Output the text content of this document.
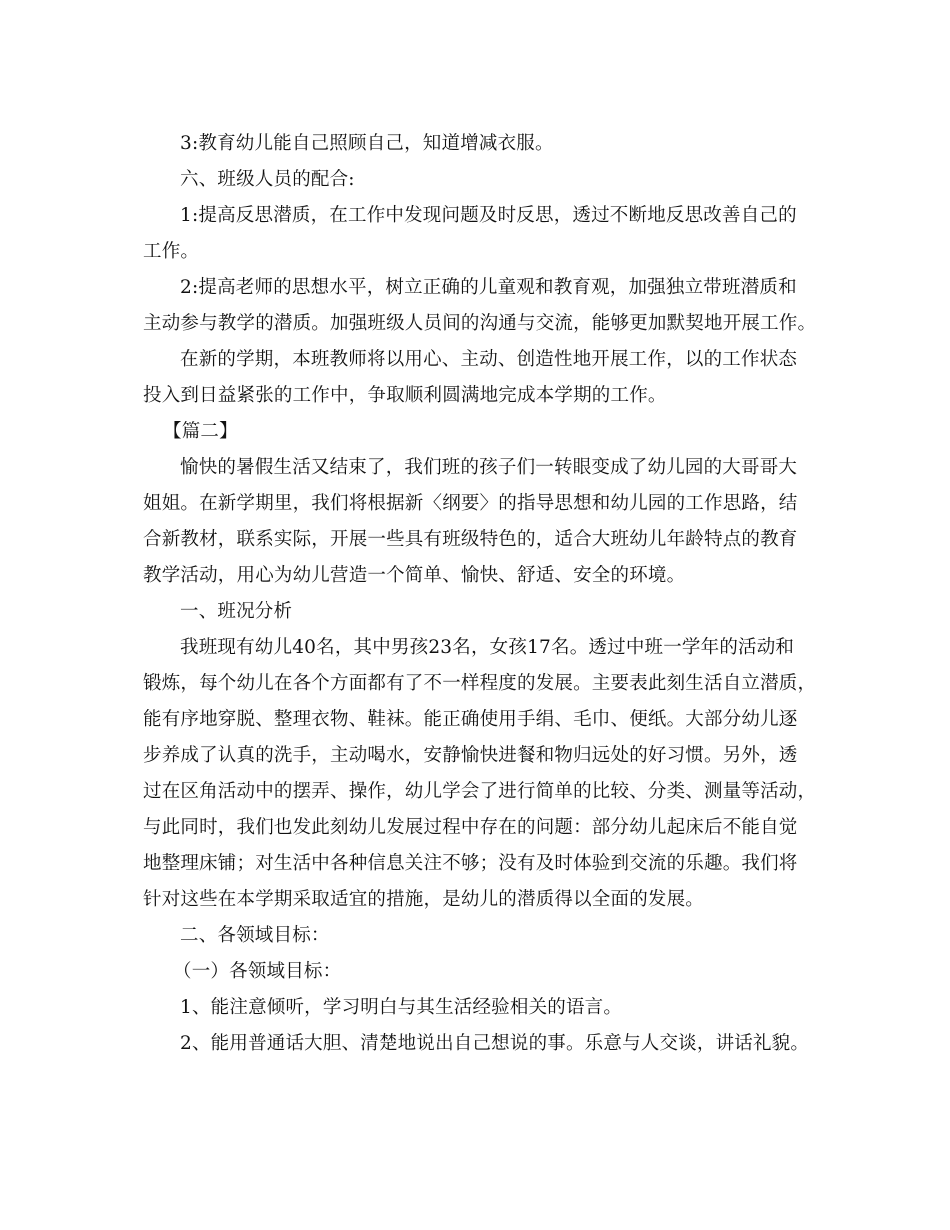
3:教育幼儿能自己照顾自己，知道增减衣服。

六、班级人员的配合:

1:提高反思潜质，在工作中发现问题及时反思，透过不断地反思改善自己的
工作。

2:提高老师的思想水平，树立正确的儿童观和教育观，加强独立带班潜质和
主动参与教学的潜质。加强班级人员间的沟通与交流，能够更加默契地开展工作。

在新的学期，本班教师将以用心、主动、创造性地开展工作，以的工作状态
投入到日益紧张的工作中，争取顺利圆满地完成本学期的工作。

【篇二】

愉快的暑假生活又结束了，我们班的孩子们一转眼变成了幼儿园的大哥哥大
姐姐。在新学期里，我们将根据新〈纲要〉的指导思想和幼儿园的工作思路，结
合新教材，联系实际，开展一些具有班级特色的，适合大班幼儿年龄特点的教育
教学活动，用心为幼儿营造一个简单、愉快、舒适、安全的环境。

一、班况分析

我班现有幼儿40名，其中男孩23名，女孩17名。透过中班一学年的活动和
锻炼，每个幼儿在各个方面都有了不一样程度的发展。主要表此刻生活自立潜质，
能有序地穿脱、整理衣物、鞋袜。能正确使用手绢、毛巾、便纸。大部分幼儿逐
步养成了认真的洗手，主动喝水，安静愉快进餐和物归远处的好习惯。另外，透
过在区角活动中的摆弄、操作，幼儿学会了进行简单的比较、分类、测量等活动，
与此同时，我们也发此刻幼儿发展过程中存在的问题：部分幼儿起床后不能自觉
地整理床铺；对生活中各种信息关注不够；没有及时体验到交流的乐趣。我们将
针对这些在本学期采取适宜的措施，是幼儿的潜质得以全面的发展。

二、各领域目标：

（一）各领域目标：

1、能注意倾听，学习明白与其生活经验相关的语言。

2、能用普通话大胆、清楚地说出自己想说的事。乐意与人交谈，讲话礼貌。
